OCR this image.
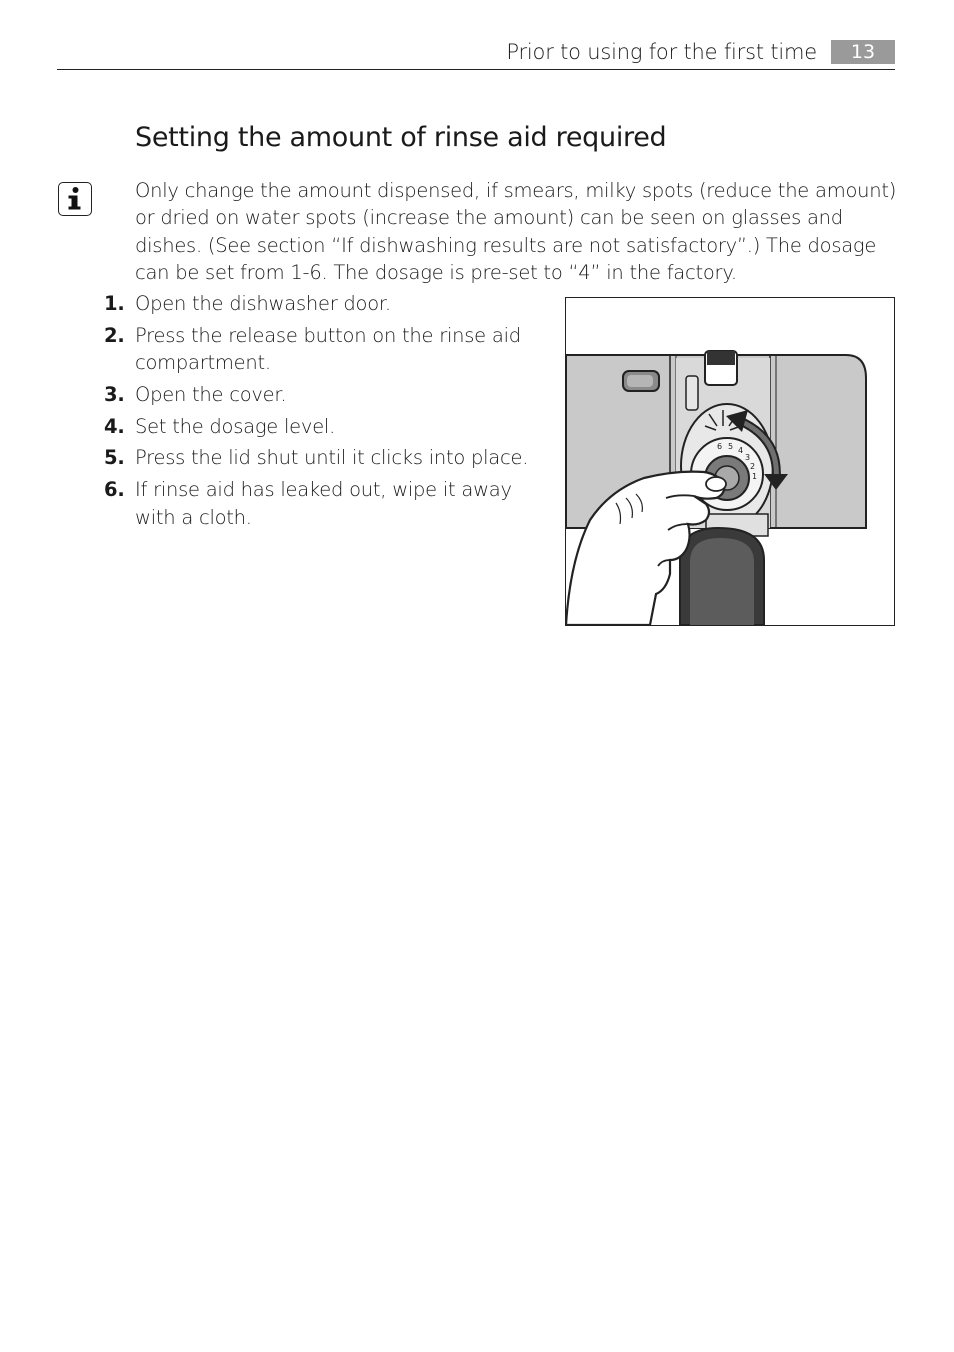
Prior to using for the first time	13
Setting the amount of rinse aid required

Only change the amount dispensed, if smears, milky spots (reduce the amount) or dried on water spots (increase the amount) can be seen on glasses and dishes. (See section “If dishwashing results are not satisfactory”.) The dosage can be set from 1-6. The dosage is pre-set to “4” in the factory.

1. Open the dishwasher door.
2. Press the release button on the rinse aid compartment.
3. Open the cover.
4. Set the dosage level.
5. Press the lid shut until it clicks into place.
6. If rinse aid has leaked out, wipe it away with a cloth.
6 5 4
3
2
1
